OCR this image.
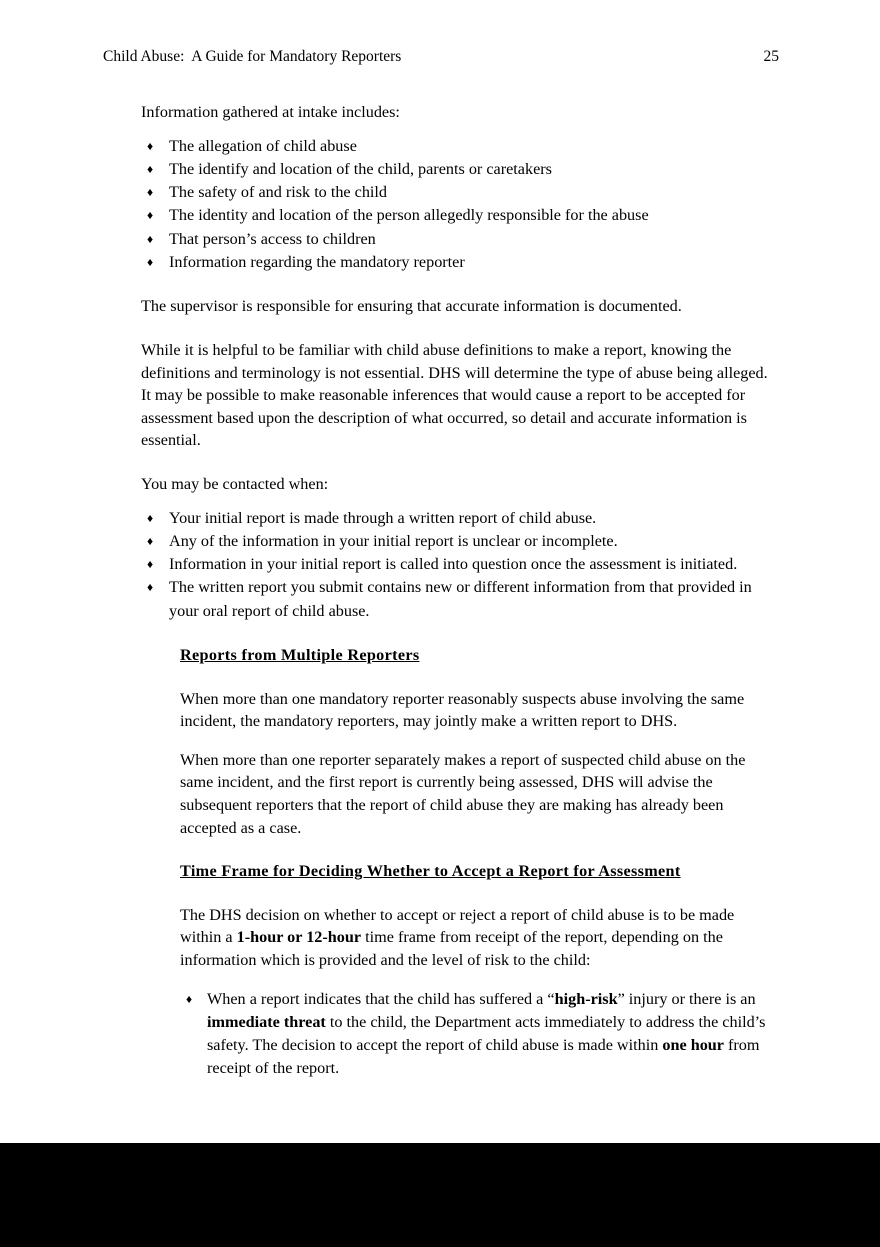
Child Abuse:  A Guide for Mandatory Reporters	25

Information gathered at intake includes:

♦ The allegation of child abuse
♦ The identify and location of the child, parents or caretakers
♦ The safety of and risk to the child
♦ The identity and location of the person allegedly responsible for the abuse
♦ That person’s access to children
♦ Information regarding the mandatory reporter

The supervisor is responsible for ensuring that accurate information is documented.

While it is helpful to be familiar with child abuse definitions to make a report, knowing the definitions and terminology is not essential. DHS will determine the type of abuse being alleged. It may be possible to make reasonable inferences that would cause a report to be accepted for assessment based upon the description of what occurred, so detail and accurate information is essential.

You may be contacted when:

♦ Your initial report is made through a written report of child abuse.
♦ Any of the information in your initial report is unclear or incomplete.
♦ Information in your initial report is called into question once the assessment is initiated.
♦ The written report you submit contains new or different information from that provided in your oral report of child abuse.

Reports from Multiple Reporters

When more than one mandatory reporter reasonably suspects abuse involving the same incident, the mandatory reporters, may jointly make a written report to DHS.

When more than one reporter separately makes a report of suspected child abuse on the same incident, and the first report is currently being assessed, DHS will advise the subsequent reporters that the report of child abuse they are making has already been accepted as a case.

Time Frame for Deciding Whether to Accept a Report for Assessment

The DHS decision on whether to accept or reject a report of child abuse is to be made within a 1-hour or 12-hour time frame from receipt of the report, depending on the information which is provided and the level of risk to the child:

♦ When a report indicates that the child has suffered a “high-risk” injury or there is an immediate threat to the child, the Department acts immediately to address the child’s safety. The decision to accept the report of child abuse is made within one hour from receipt of the report.
